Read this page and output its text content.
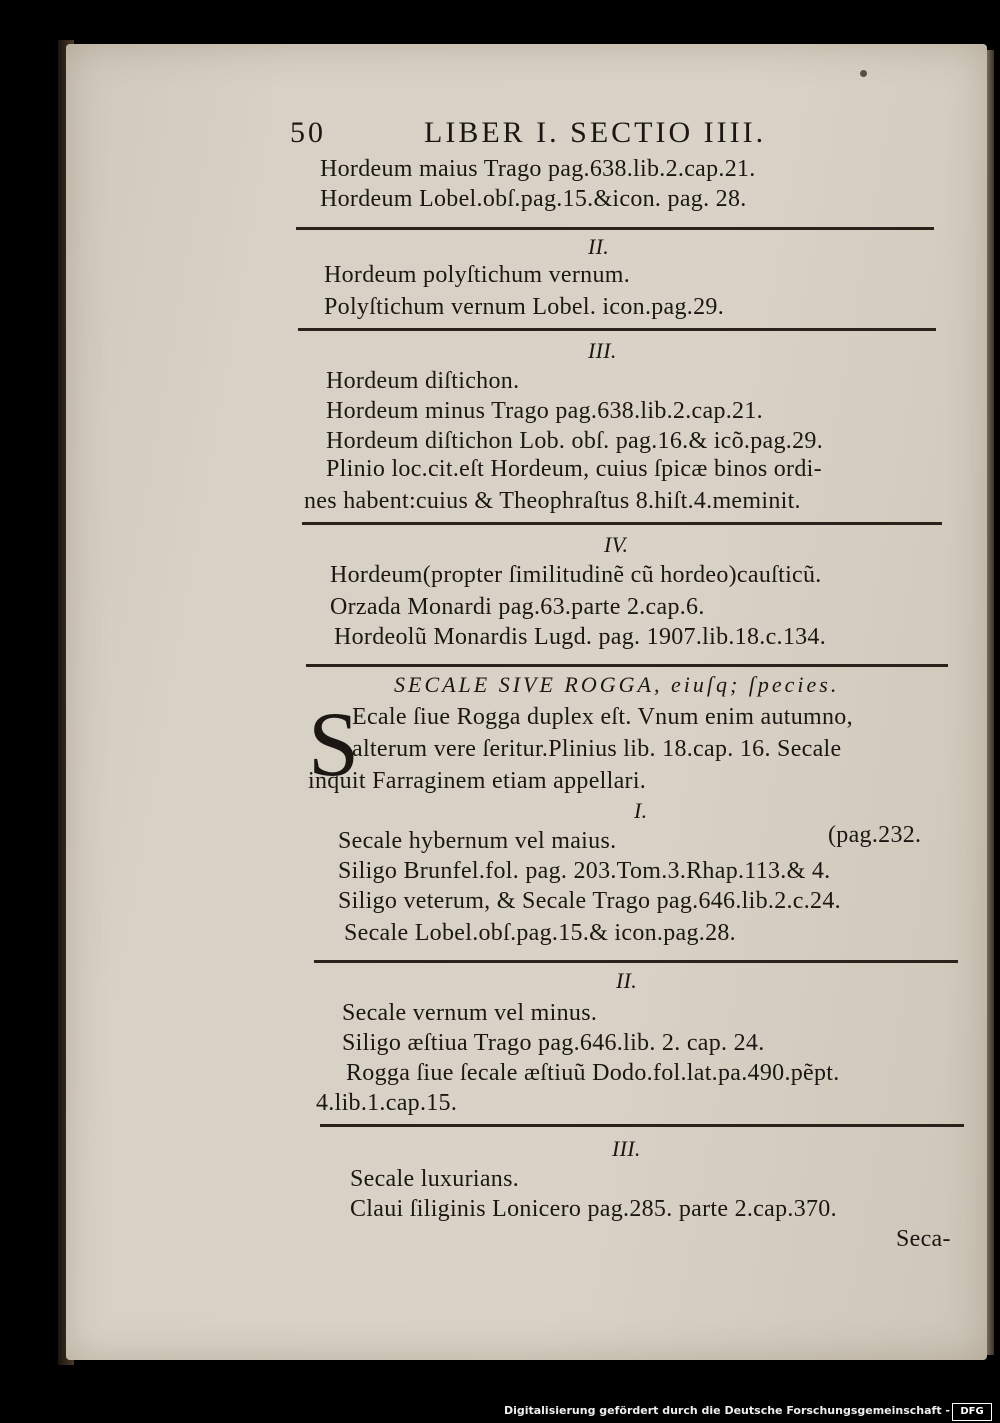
50	LIBER I. SECTIO IIII.
Hordeum maius Trago pag.638.lib.2.cap.21.
Hordeum Lobel.obſ.pag.15.&icon. pag. 28.
II.
Hordeum polyſtichum vernum.
Polyſtichum vernum Lobel. icon.pag.29.
III.
Hordeum diſtichon.
Hordeum minus Trago pag.638.lib.2.cap.21.
Hordeum diſtichon Lob. obſ. pag.16.& icõ.pag.29.
Plinio loc.cit.eſt Hordeum, cuius ſpicæ binos ordi-
nes habent:cuius & Theophraſtus 8.hiſt.4.meminit.
IV.
Hordeum(propter ſimilitudinẽ cũ hordeo)cauſticũ.
Orzada Monardi pag.63.parte 2.cap.6.
Hordeolũ Monardis Lugd. pag. 1907.lib.18.c.134.
SECALE SIVE ROGGA, eiuſq; ſpecies.
S
Ecale ſiue Rogga duplex eſt. Vnum enim autumno,
alterum vere ſeritur.Plinius lib. 18.cap. 16. Secale
inquit Farraginem etiam appellari.
I.
Secale hybernum vel maius.	(pag.232.
Siligo Brunfel.fol. pag. 203.Tom.3.Rhap.113.& 4.
Siligo veterum, & Secale Trago pag.646.lib.2.c.24.
Secale Lobel.obſ.pag.15.& icon.pag.28.
II.
Secale vernum vel minus.
Siligo æſtiua Trago pag.646.lib. 2. cap. 24.
Rogga ſiue ſecale æſtiuũ Dodo.fol.lat.pa.490.pẽpt.
4.lib.1.cap.15.
III.
Secale luxurians.
Claui ſiliginis Lonicero pag.285. parte 2.cap.370.
Seca-
Digitalisierung gefördert durch die Deutsche Forschungsgemeinschaft -	DFG
